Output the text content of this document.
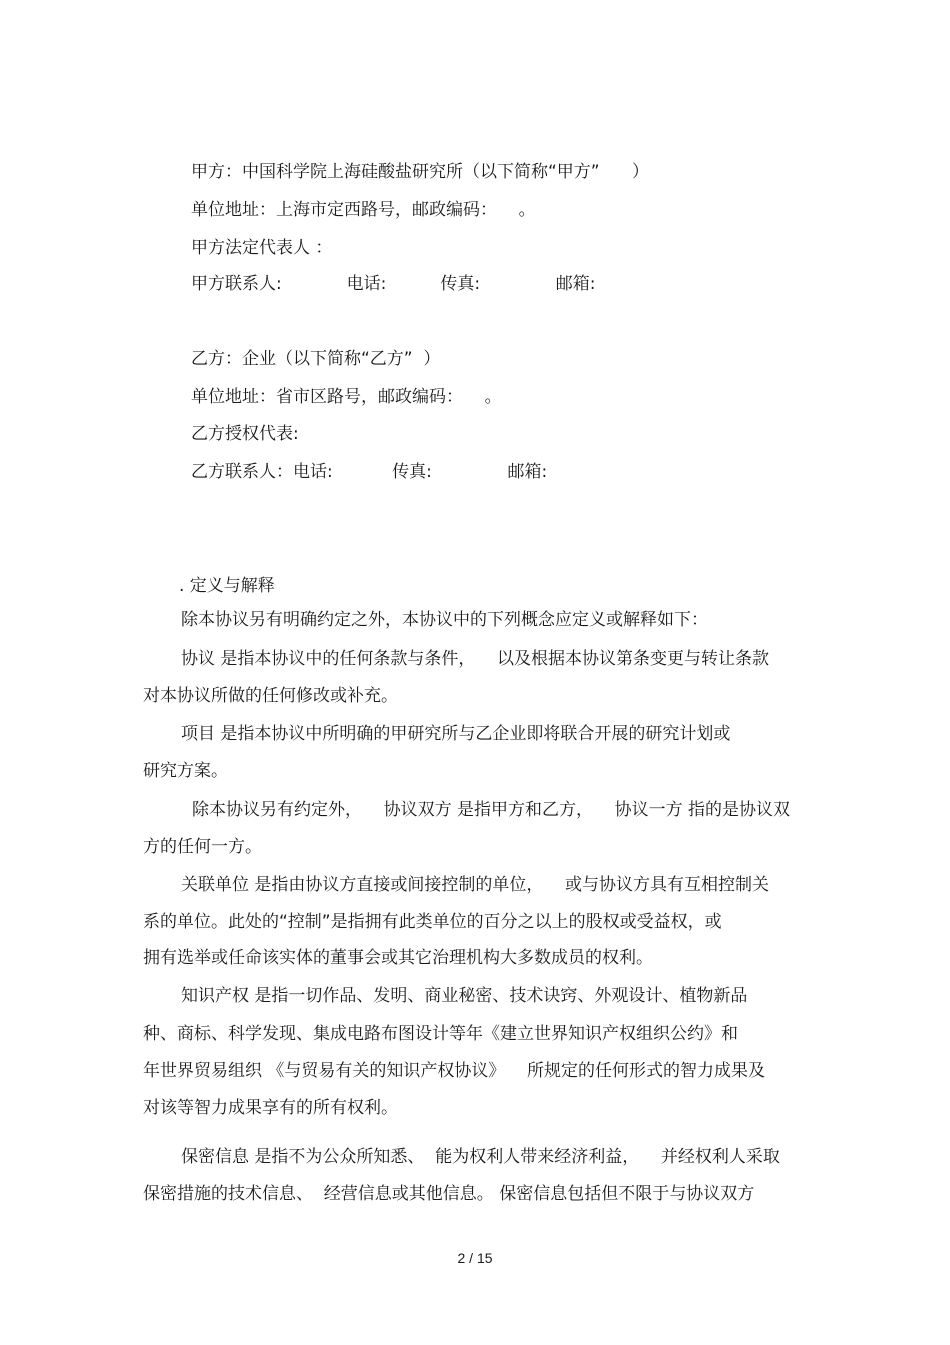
甲方：中国科学院上海硅酸盐研究所（以下简称“甲方”      ）
单位地址：上海市定西路号，邮政编码：    。
甲方法定代表人 ：
甲方联系人:            电话:          传真:              邮箱:
乙方：企业（以下简称“乙方”  ）
单位地址：省市区路号，邮政编码：    。
乙方授权代表:
乙方联系人：电话:           传真:              邮箱:
. 定义与解释
除本协议另有明确约定之外，本协议中的下列概念应定义或解释如下：
协议 是指本协议中的任何条款与条件，    以及根据本协议第条变更与转让条款
对本协议所做的任何修改或补充。
项目 是指本协议中所明确的甲研究所与乙企业即将联合开展的研究计划或
研究方案。
除本协议另有约定外，    协议双方 是指甲方和乙方，    协议一方 指的是协议双
方的任何一方。
关联单位 是指由协议方直接或间接控制的单位，    或与协议方具有互相控制关
系的单位。此处的“控制”是指拥有此类单位的百分之以上的股权或受益权，或
拥有选举或任命该实体的董事会或其它治理机构大多数成员的权利。
知识产权 是指一切作品、发明、商业秘密、技术诀窍、外观设计、植物新品
种、商标、科学发现、集成电路布图设计等年《建立世界知识产权组织公约》和
年世界贸易组织 《与贸易有关的知识产权协议》    所规定的任何形式的智力成果及
对该等智力成果享有的所有权利。
保密信息 是指不为公众所知悉、  能为权利人带来经济利益，    并经权利人采取
保密措施的技术信息、  经营信息或其他信息。 保密信息包括但不限于与协议双方
2 / 15
